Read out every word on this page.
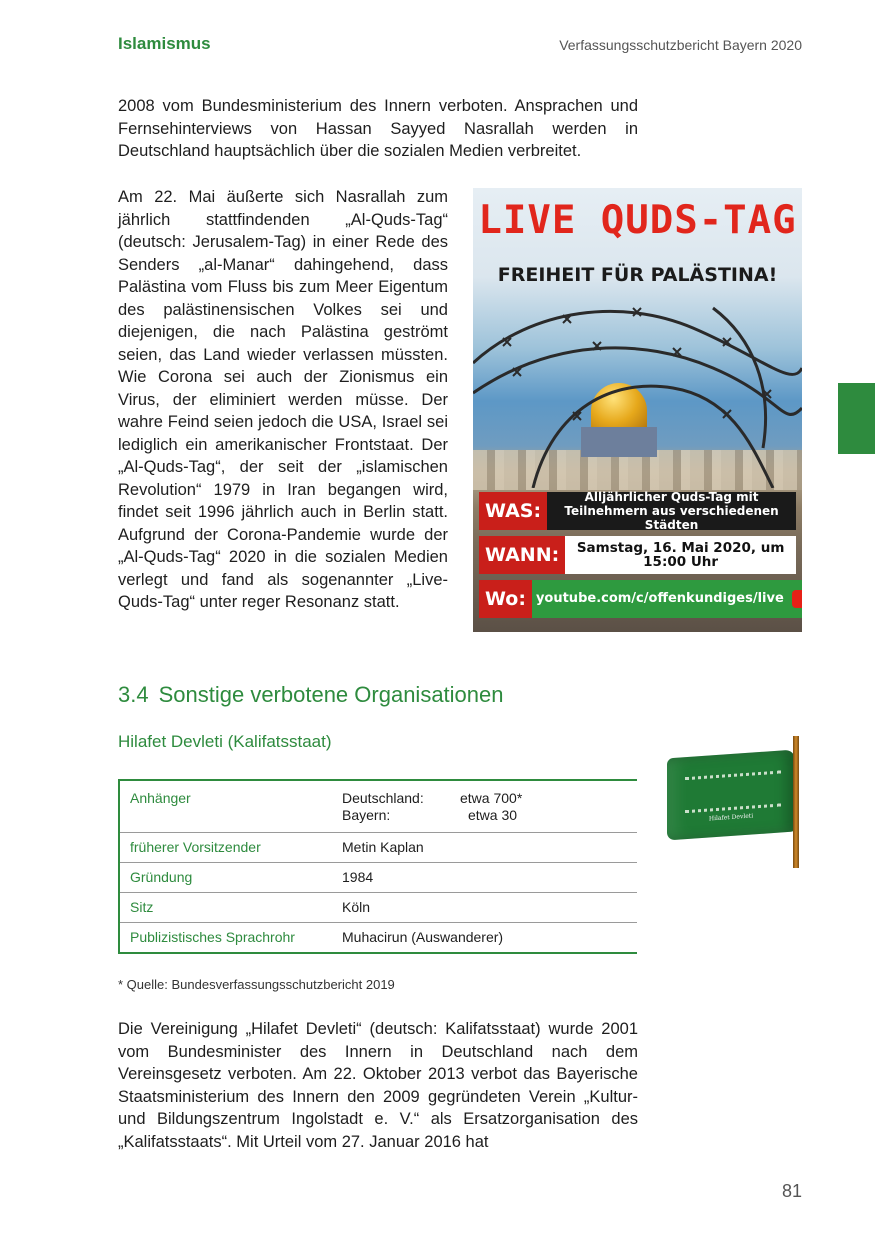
Islamismus	Verfassungsschutzbericht Bayern 2020

2008 vom Bundesministerium des Innern verboten. Ansprachen und Fernsehinterviews von Hassan Sayyed Nasrallah werden in Deutschland hauptsächlich über die sozialen Medien verbreitet.

Am 22. Mai äußerte sich Nasrallah zum jährlich stattfindenden „Al-Quds-Tag“ (deutsch: Jerusalem-Tag) in einer Rede des Senders „al-Manar“ dahingehend, dass Palästina vom Fluss bis zum Meer Eigentum des palästinensischen Volkes sei und diejenigen, die nach Palästina geströmt seien, das Land wieder verlassen müssten. Wie Corona sei auch der Zionismus ein Virus, der eliminiert werden müsse. Der wahre Feind seien jedoch die USA, Israel sei lediglich ein amerikanischer Frontstaat. Der „Al-Quds-Tag“, der seit der „islamischen Revolution“ 1979 in Iran begangen wird, findet seit 1996 jährlich auch in Berlin statt. Aufgrund der Corona-Pandemie wurde der „Al-Quds-Tag“ 2020 in die sozialen Medien verlegt und fand als sogenannter „Live-Quds-Tag“ unter reger Resonanz statt.

LIVE QUDS-TAG
FREIHEIT FÜR PALÄSTINA!
WAS:
Alljährlicher Quds-Tag mit Teilnehmern aus verschiedenen Städten
WANN:	Samstag, 16. Mai 2020, um 15:00 Uhr
Wo: youtube.com/c/offenkundiges/live
3.4 Sonstige verbotene Organisationen
Hilafet Devleti (Kalifatsstaat)
Hilafet Devleti
Anhänger	Deutschland: etwa 700*
Bayern: etwa 30

früherer Vorsitzender	Metin Kaplan
Gründung	1984
Sitz	Köln
Publizistisches Sprachrohr	Muhacirun (Auswanderer)

* Quelle: Bundesverfassungsschutzbericht 2019

Die Vereinigung „Hilafet Devleti“ (deutsch: Kalifatsstaat) wurde 2001 vom Bundesminister des Innern in Deutschland nach dem Vereinsgesetz verboten. Am 22. Oktober 2013 verbot das Bayerische Staatsministerium des Innern den 2009 gegründeten Verein „Kultur- und Bildungszentrum Ingolstadt e. V.“ als Ersatzorganisation des „Kalifatsstaats“. Mit Urteil vom 27. Januar 2016 hat

81
